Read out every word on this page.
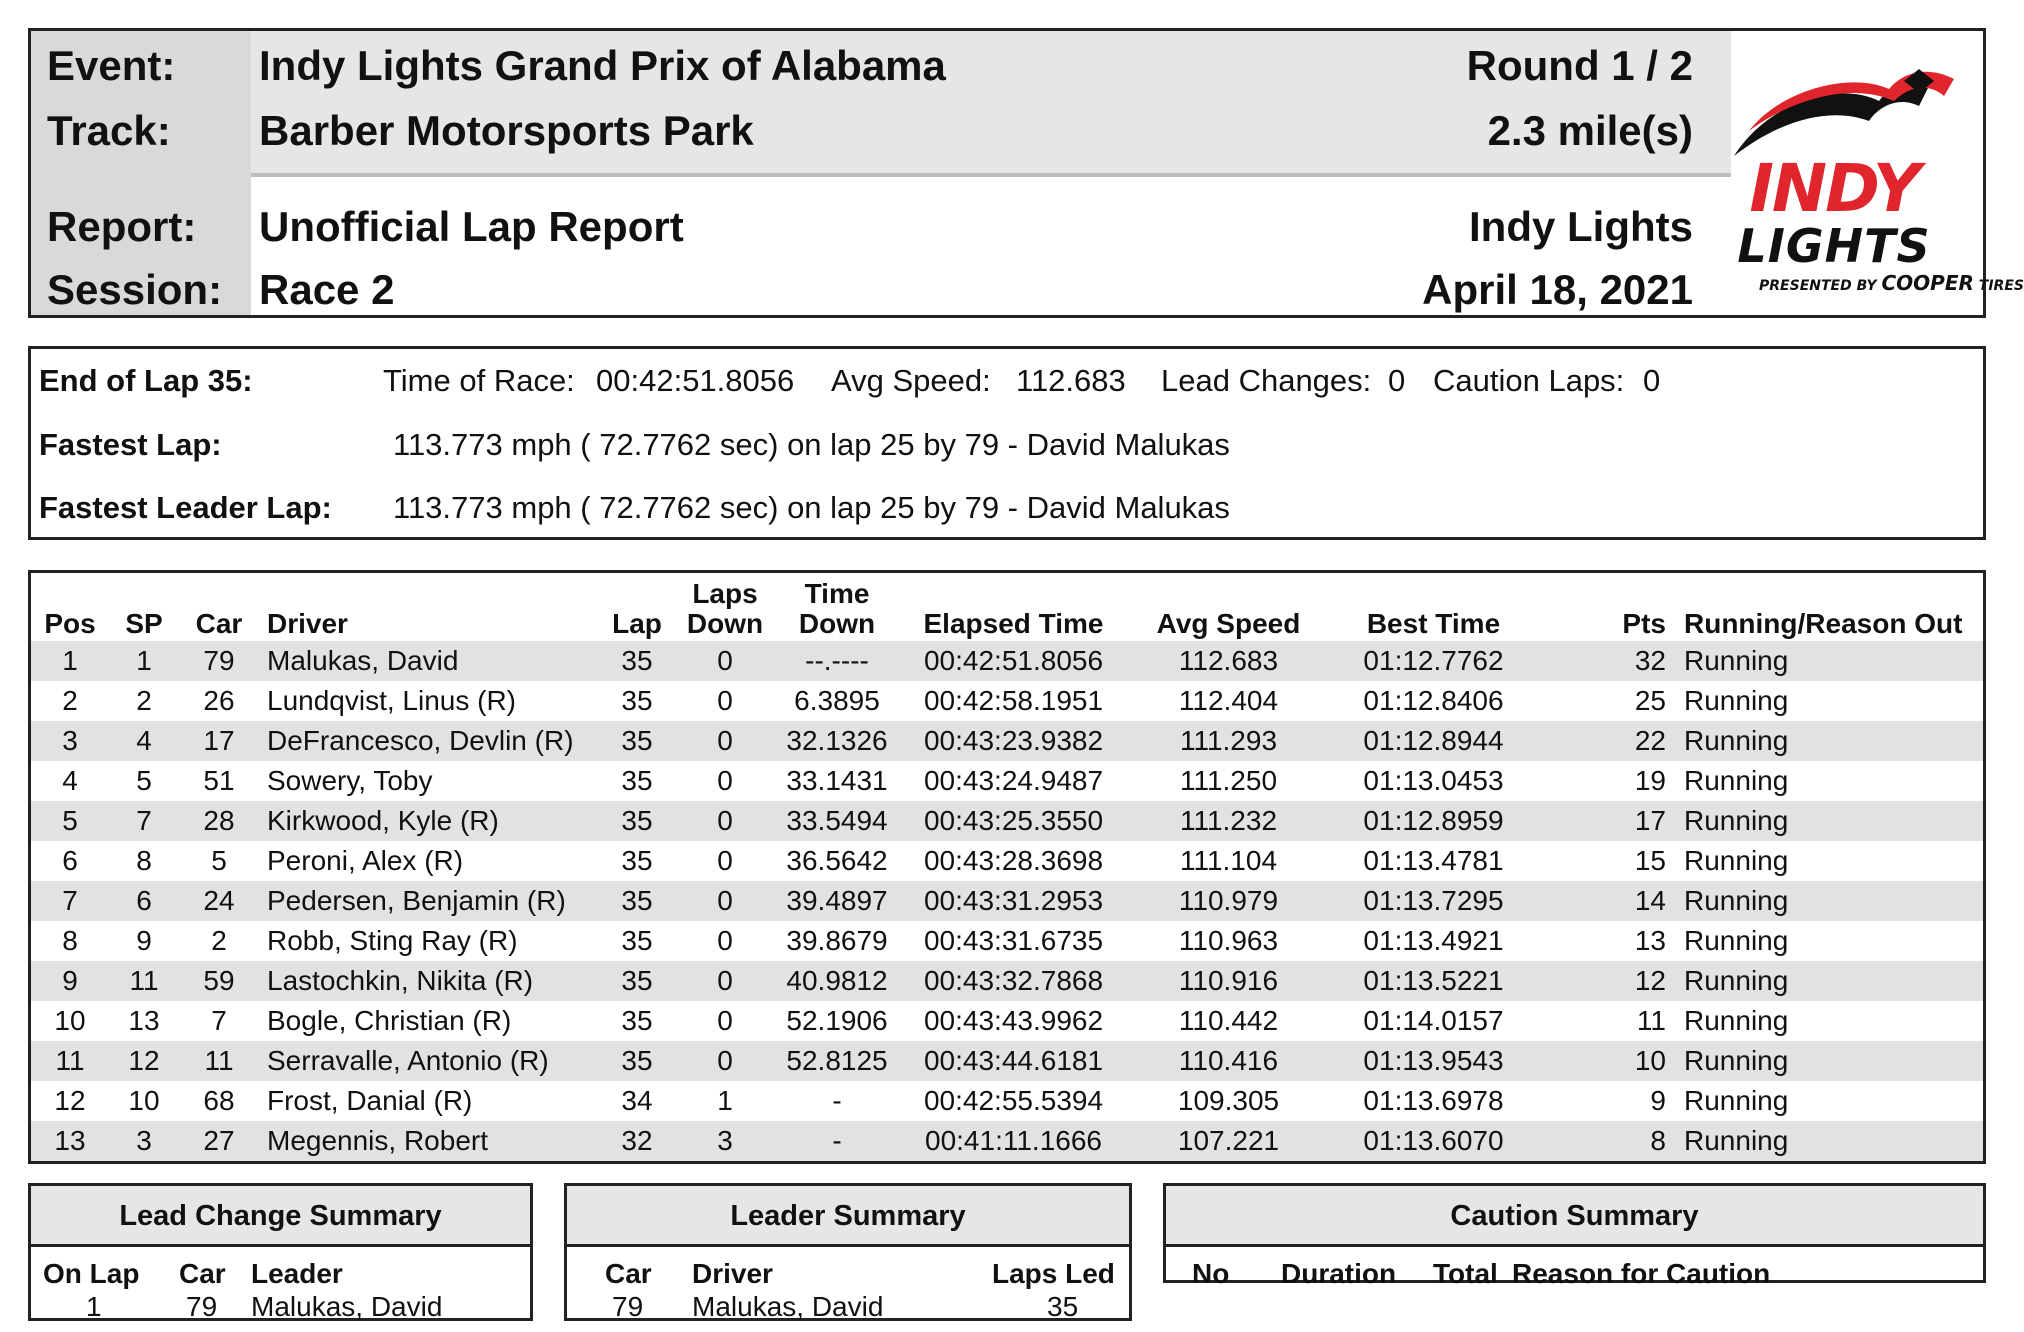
Event: Indy Lights Grand Prix of Alabama	Round 1 / 2
Track: Barber Motorsports Park	2.3 mile(s)
Report: Unofficial Lap Report	Indy Lights
Session: Race 2	April 18, 2021
INDY
LIGHTS
PRESENTED BY COOPER TIRES
End of Lap 35:	Time of Race: 00:42:51.8056 Avg Speed: 112.683 Lead Changes: 0 Caution Laps: 0
Fastest Lap:	113.773 mph ( 72.7762 sec) on lap 25 by 79 - David Malukas
Fastest Leader Lap: 113.773 mph ( 72.7762 sec) on lap 25 by 79 - David Malukas
Pos	SP	Car	Driver	Lap	Laps
Down	Time
Down	Elapsed Time	Avg Speed	Best Time	Pts	Running/Reason Out
1	1	79	Malukas, David	35	0	--.----	00:42:51.8056	112.683	01:12.7762	32	Running
2	2	26	Lundqvist, Linus (R)	35	0	6.3895	00:42:58.1951	112.404	01:12.8406	25	Running
3	4	17	DeFrancesco, Devlin (R)	35	0	32.1326	00:43:23.9382	111.293	01:12.8944	22	Running
4	5	51	Sowery, Toby	35	0	33.1431	00:43:24.9487	111.250	01:13.0453	19	Running
5	7	28	Kirkwood, Kyle (R)	35	0	33.5494	00:43:25.3550	111.232	01:12.8959	17	Running
6	8	5	Peroni, Alex (R)	35	0	36.5642	00:43:28.3698	111.104	01:13.4781	15	Running
7	6	24	Pedersen, Benjamin (R)	35	0	39.4897	00:43:31.2953	110.979	01:13.7295	14	Running
8	9	2	Robb, Sting Ray (R)	35	0	39.8679	00:43:31.6735	110.963	01:13.4921	13	Running
9	11	59	Lastochkin, Nikita (R)	35	0	40.9812	00:43:32.7868	110.916	01:13.5221	12	Running
10	13	7	Bogle, Christian (R)	35	0	52.1906	00:43:43.9962	110.442	01:14.0157	11	Running
11	12	11	Serravalle, Antonio (R)	35	0	52.8125	00:43:44.6181	110.416	01:13.9543	10	Running
12	10	68	Frost, Danial (R)	34	1	-	00:42:55.5394	109.305	01:13.6978	9	Running
13	3	27	Megennis, Robert	32	3	-	00:41:11.1666	107.221	01:13.6070	8	Running
Lead Change Summary
On Lap Car Leader
1	79 Malukas, David
Leader Summary
Car Driver	Laps Led
79 Malukas, David	35
Caution Summary
No Duration Total Reason for Caution
